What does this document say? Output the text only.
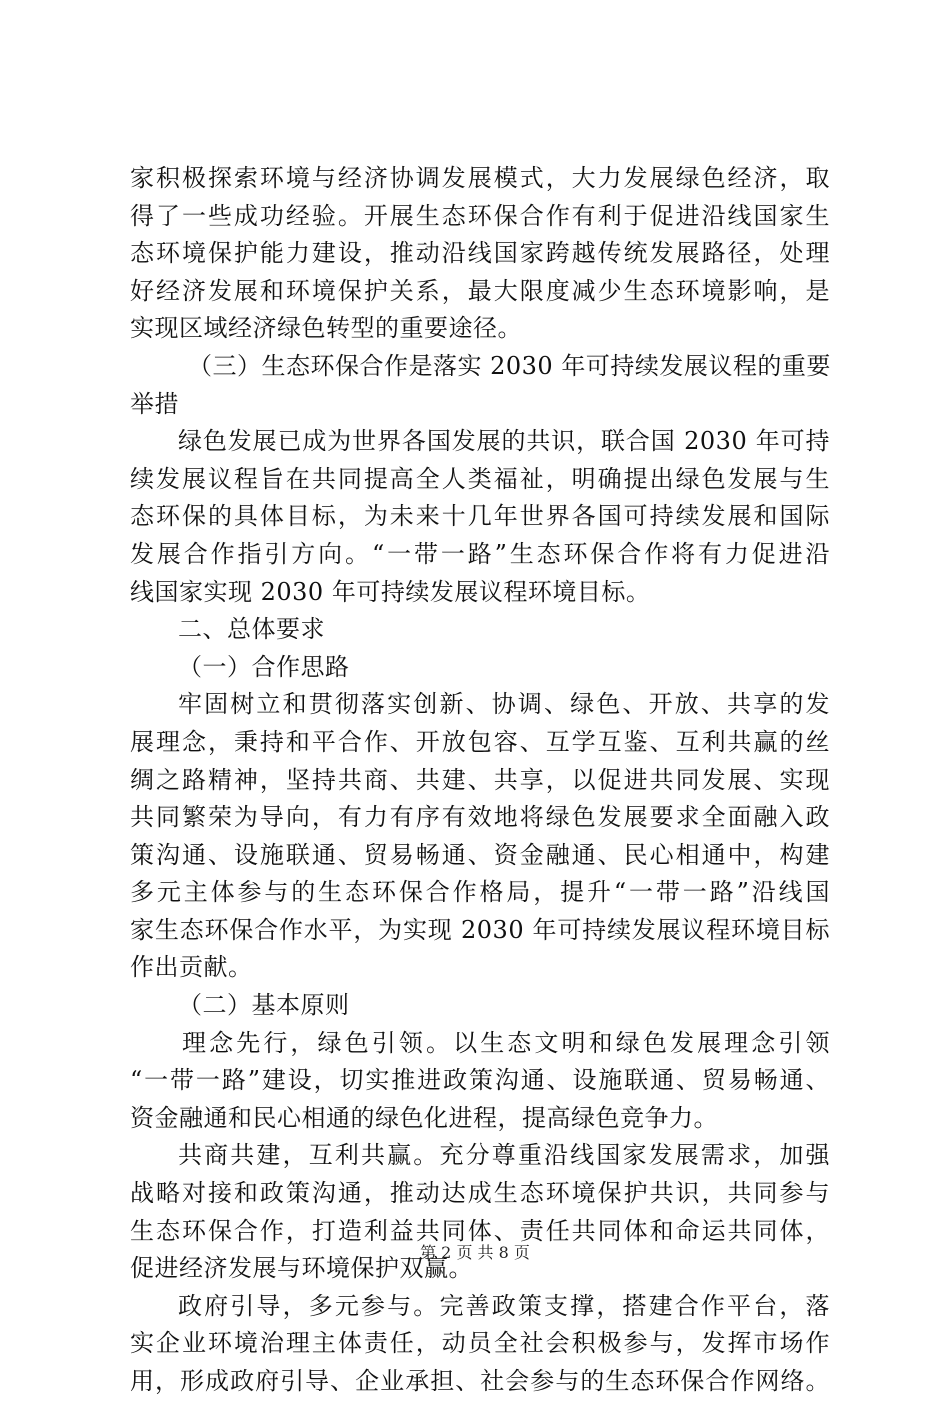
家积极探索环境与经济协调发展模式，大力发展绿色经济，取
得了一些成功经验。开展生态环保合作有利于促进沿线国家生
态环境保护能力建设，推动沿线国家跨越传统发展路径，处理
好经济发展和环境保护关系，最大限度减少生态环境影响，是
实现区域经济绿色转型的重要途径。
（三）生态环保合作是落实 2030 年可持续发展议程的重要
举措
绿色发展已成为世界各国发展的共识，联合国 2030 年可持
续发展议程旨在共同提高全人类福祉，明确提出绿色发展与生
态环保的具体目标，为未来十几年世界各国可持续发展和国际
发展合作指引方向。“一带一路”生态环保合作将有力促进沿
线国家实现 2030 年可持续发展议程环境目标。
二、总体要求
（一）合作思路
牢固树立和贯彻落实创新、协调、绿色、开放、共享的发
展理念，秉持和平合作、开放包容、互学互鉴、互利共赢的丝
绸之路精神，坚持共商、共建、共享，以促进共同发展、实现
共同繁荣为导向，有力有序有效地将绿色发展要求全面融入政
策沟通、设施联通、贸易畅通、资金融通、民心相通中，构建
多元主体参与的生态环保合作格局，提升“一带一路”沿线国
家生态环保合作水平，为实现 2030 年可持续发展议程环境目标
作出贡献。
（二）基本原则
理念先行，绿色引领。以生态文明和绿色发展理念引领
“一带一路”建设，切实推进政策沟通、设施联通、贸易畅通、
资金融通和民心相通的绿色化进程，提高绿色竞争力。
共商共建，互利共赢。充分尊重沿线国家发展需求，加强
战略对接和政策沟通，推动达成生态环境保护共识，共同参与
生态环保合作，打造利益共同体、责任共同体和命运共同体，
促进经济发展与环境保护双赢。
政府引导，多元参与。完善政策支撑，搭建合作平台，落
实企业环境治理主体责任，动员全社会积极参与，发挥市场作
用，形成政府引导、企业承担、社会参与的生态环保合作网络。
第 2 页 共 8 页
